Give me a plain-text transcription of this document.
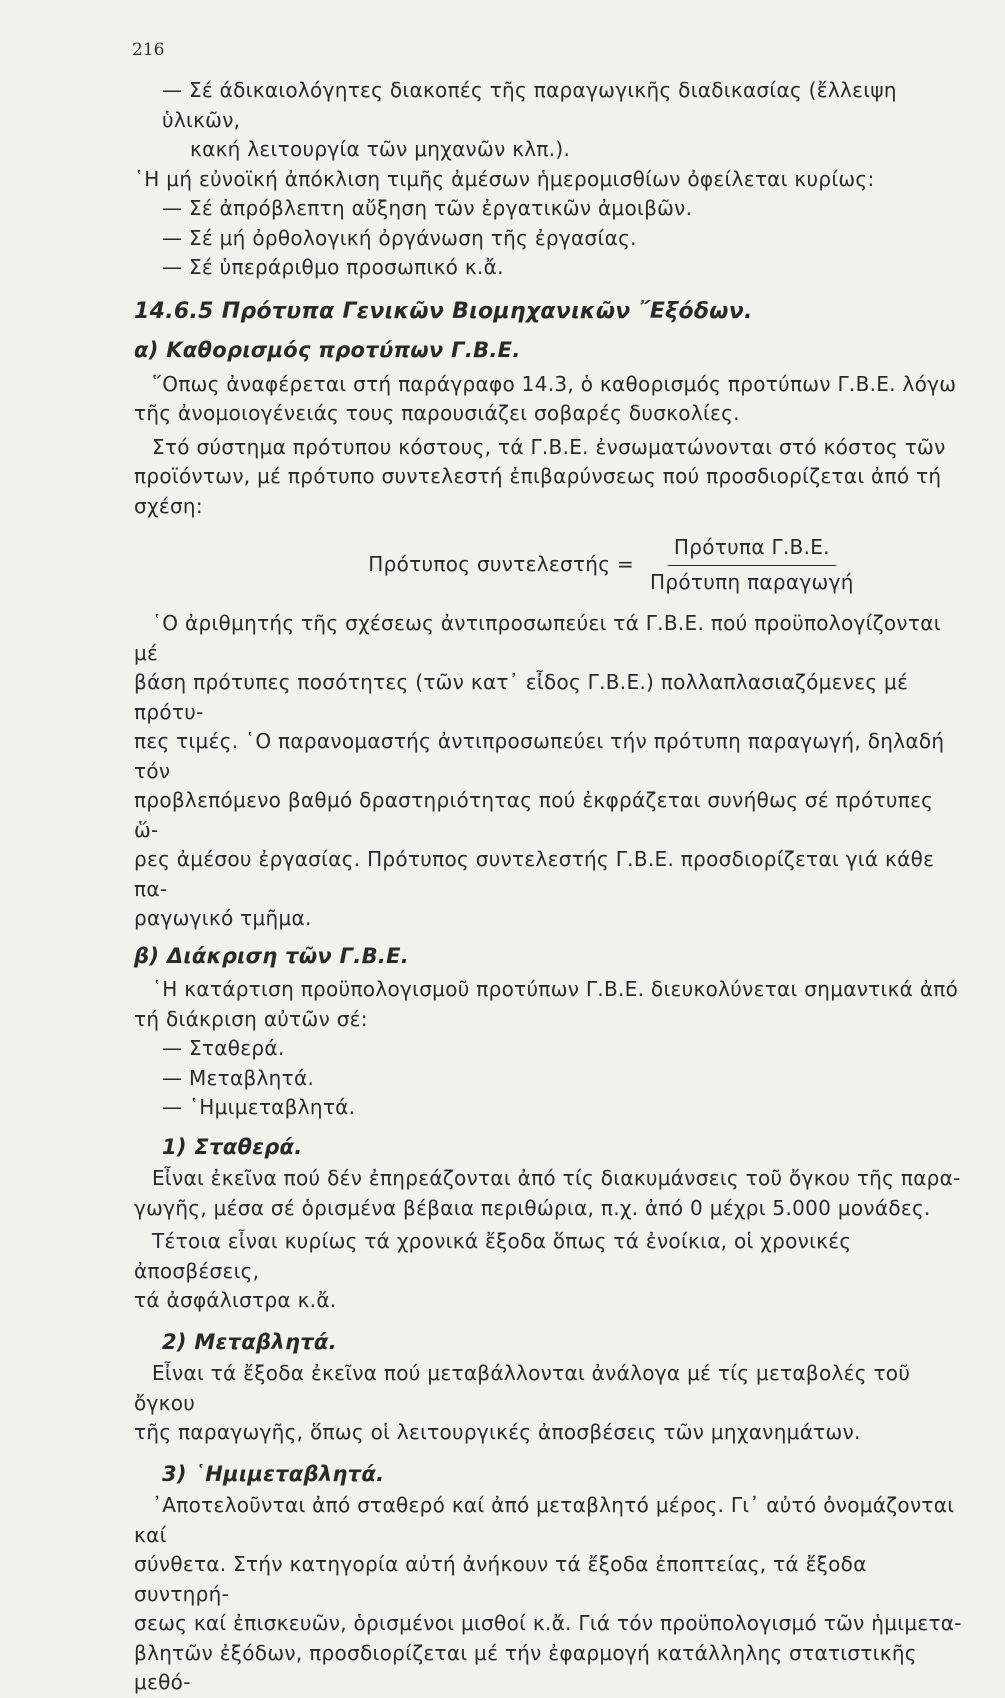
216

— Σέ άδικαιολόγητες διακοπές τῆς παραγωγικῆς διαδικασίας (ἔλλειψη ὑλικῶν,

κακή λειτουργία τῶν μηχανῶν κλπ.).

῾Η μή εὐνοϊκή ἀπόκλιση τιμῆς ἀμέσων ἡμερομισθίων ὀφείλεται κυρίως:

— Σέ ἀπρόβλεπτη αὔξηση τῶν ἐργατικῶν ἀμοιβῶν.

— Σέ μή ὀρθολογική ὀργάνωση τῆς ἐργασίας.

— Σέ ὑπεράριθμο προσωπικό κ.ἄ.

14.6.5 Πρότυπα Γενικῶν Βιομηχανικῶν ῎Εξόδων.

α) Καθορισμός προτύπων Γ.Β.Ε.

῞Οπως ἀναφέρεται στή παράγραφο 14.3, ὁ καθορισμός προτύπων Γ.Β.Ε. λόγω

τῆς ἀνομοιογένειάς τους παρουσιάζει σοβαρές δυσκολίες.

Στό σύστημα πρότυπου κόστους, τά Γ.Β.Ε. ἐνσωματώνονται στό κόστος τῶν

προϊόντων, μέ πρότυπο συντελεστή ἐπιβαρύνσεως πού προσδιορίζεται ἀπό τή

σχέση:

Πρότυπος $\sigma\upsilon\nu\tau\varepsilon\lambda\varepsilon\sigma\tau ή\varsigma = \frac{\text{Πρότυπα Γ.Β.Ε.}}{\text{Πρότυπη παραγωγή}}$

῾Ο ἀριθμητής τῆς σχέσεως ἀντιπροσωπεύει τά Γ.Β.Ε. πού προϋπολογίζονται μέ

βάση πρότυπες ποσότητες (τῶν κατ᾿ εἶδος Γ.Β.Ε.) πολλαπλασιαζόμενες μέ πρότυ-

πες τιμές. ῾Ο παρανομαστής ἀντιπροσωπεύει τήν πρότυπη παραγωγή, δηλαδή τόν

προβλεπόμενο βαθμό δραστηριότητας πού ἐκφράζεται συνήθως σέ πρότυπες ὥ-

ρες ἀμέσου ἐργασίας. Πρότυπος συντελεστής Γ.Β.Ε. προσδιορίζεται γιά κάθε πα-

ραγωγικό τμῆμα.

β) Διάκριση τῶν Γ.Β.Ε.

῾Η κατάρτιση προϋπολογισμοῦ προτύπων Γ.Β.Ε. διευκολύνεται σημαντικά ἀπό

τή διάκριση αὐτῶν σέ:

— Σταθερά.

— Μεταβλητά.

— ῾Ημιμεταβλητά.

1) Σταθερά.

Εἶναι ἐκεῖνα πού δέν ἐπηρεάζονται ἀπό τίς διακυμάνσεις τοῦ ὄγκου τῆς παρα-

γωγῆς, μέσα σέ ὁρισμένα βέβαια περιθώρια, π.χ. ἀπό 0 μέχρι 5.000 μονάδες.

Τέτοια εἶναι κυρίως τά χρονικά ἔξοδα ὅπως τά ἐνοίκια, οἱ χρονικές ἀποσβέσεις,

τά ἀσφάλιστρα κ.ἄ.

2) Μεταβλητά.

Εἶναι τά ἔξοδα ἐκεῖνα πού μεταβάλλονται ἀνάλογα μέ τίς μεταβολές τοῦ ὄγκου

τῆς παραγωγῆς, ὅπως οἱ λειτουργικές ἀποσβέσεις τῶν μηχανημάτων.

3) ῾Ημιμεταβλητά.

᾿Αποτελοῦνται ἀπό σταθερό καί ἀπό μεταβλητό μέρος. Γι᾿ αὐτό ὀνομάζονται καί

σύνθετα. Στήν κατηγορία αὐτή ἀνήκουν τά ἔξοδα ἐποπτείας, τά ἔξοδα συντηρή-

σεως καί ἐπισκευῶν, ὁρισμένοι μισθοί κ.ἄ. Γιά τόν προϋπολογισμό τῶν ἡμιμετα-

βλητῶν ἐξόδων, προσδιορίζεται μέ τήν ἐφαρμογή κατάλληλης στατιστικῆς μεθό-
